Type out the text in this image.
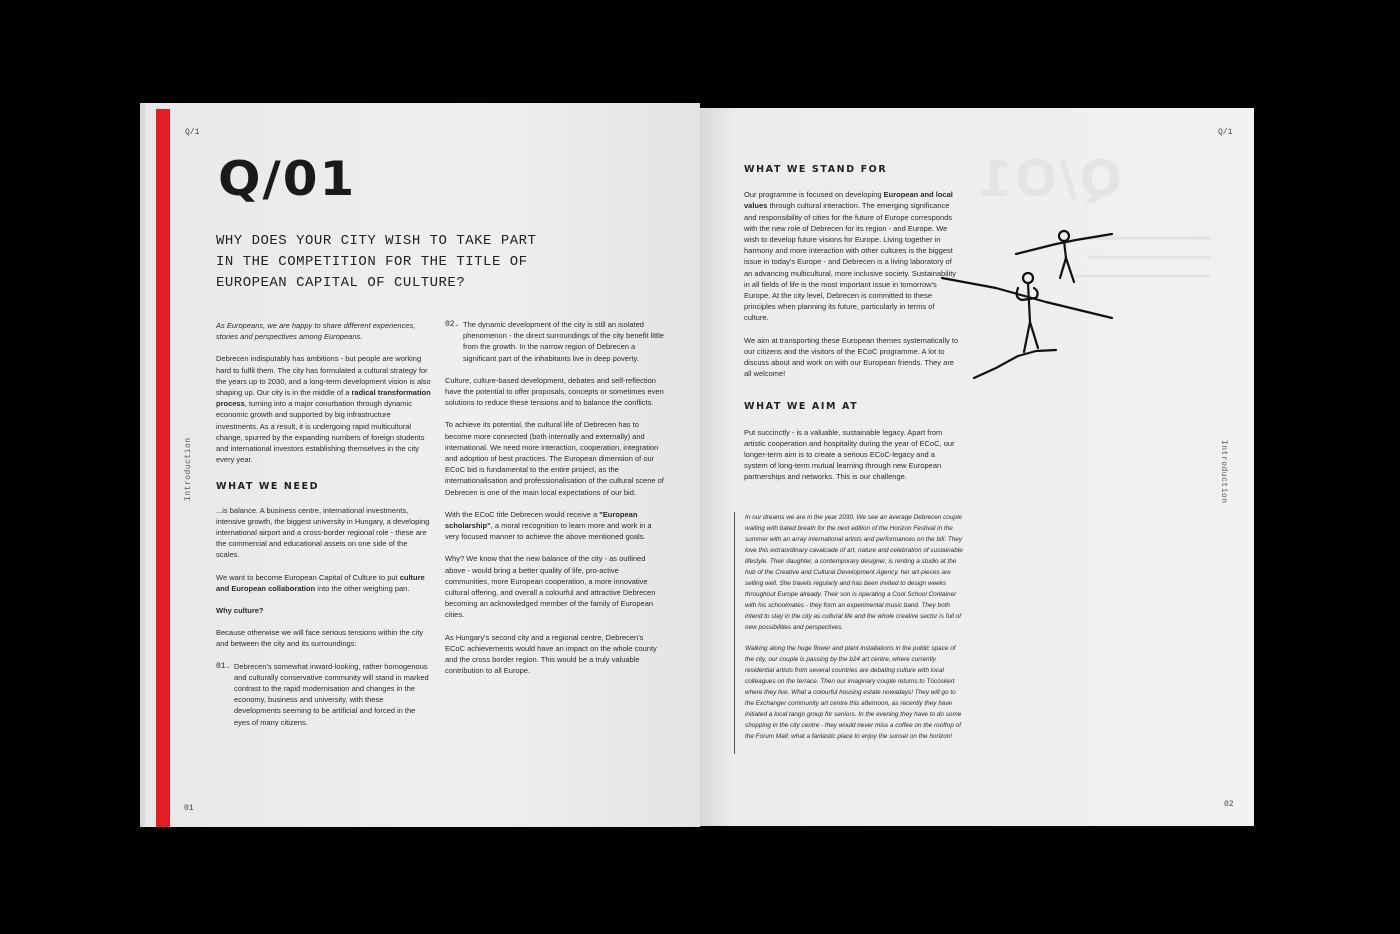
Q/1
Q/01
WHY DOES YOUR CITY WISH TO TAKE PART
IN THE COMPETITION FOR THE TITLE OF
EUROPEAN CAPITAL OF CULTURE?
Introduction

As Europeans, we are happy to share different experiences, stories and perspectives among Europeans.

Debrecen indisputably has ambitions - but people are working hard to fulfil them. The city has formulated a cultural strategy for the years up to 2030, and a long-term development vision is also shaping up. Our city is in the middle of a radical transformation process, turning into a major conurbation through dynamic economic growth and supported by big infrastructure investments. As a result, it is undergoing rapid multicultural change, spurred by the expanding numbers of foreign students and international investors establishing themselves in the city every year.

WHAT WE NEED

...is balance. A business centre, international investments, intensive growth, the biggest university in Hungary, a developing international airport and a cross-border regional role - these are the commercial and educational assets on one side of the scales.

We want to become European Capital of Culture to put culture and European collaboration into the other weighing pan.

Why culture?

Because otherwise we will face serious tensions within the city and between the city and its surroundings:

01. Debrecen's somewhat inward-looking, rather homogenous and culturally conservative community will stand in marked contrast to the rapid modernisation and changes in the economy, business and university, with these developments seeming to be artificial and forced in the eyes of many citizens.
02. The dynamic development of the city is still an isolated phenomenon - the direct surroundings of the city benefit little from the growth. In the narrow region of Debrecen a significant part of the inhabitants live in deep poverty.

Culture, culture-based development, debates and self-reflection have the potential to offer proposals, concepts or sometimes even solutions to reduce these tensions and to balance the conflicts.

To achieve its potential, the cultural life of Debrecen has to become more connected (both internally and externally) and international. We need more interaction, cooperation, integration and adoption of best practices. The European dimension of our ECoC bid is fundamental to the entire project, as the internationalisation and professionalisation of the cultural scene of Debrecen is one of the main local expectations of our bid.

With the ECoC title Debrecen would receive a "European scholarship", a moral recognition to learn more and work in a very focused manner to achieve the above mentioned goals.

Why? We know that the new balance of the city - as outlined above - would bring a better quality of life, pro-active communities, more European cooperation, a more innovative cultural offering, and overall a colourful and attractive Debrecen becoming an acknowledged member of the family of European cities.

As Hungary's second city and a regional centre, Debrecen's ECoC achievements would have an impact on the whole county and the cross border region. This would be a truly valuable contribution to all Europe.

01
Q/O1
▬▬▬▬▬▬▬▬▬▬▬▬▬▬▬▬▬▬
▬▬▬▬▬▬▬▬▬▬▬▬▬▬▬▬▬
▬▬▬▬▬▬▬▬▬▬▬▬▬▬▬▬▬▬▬
Q/1
WHAT WE STAND FOR

Our programme is focused on developing European and local values through cultural interaction. The emerging significance and responsibility of cities for the future of Europe corresponds with the new role of Debrecen for its region - and Europe. We wish to develop future visions for Europe. Living together in harmony and more interaction with other cultures is the biggest issue in today's Europe - and Debrecen is a living laboratory of an advancing multicultural, more inclusive society. Sustainability in all fields of life is the most important issue in tomorrow's Europe. At the city level, Debrecen is committed to these principles when planning its future, particularly in terms of culture.

We aim at transporting these European themes systematically to our citizens and the visitors of the ECoC programme. A lot to discuss about and work on with our European friends. They are all welcome!

WHAT WE AIM AT

Put succinctly - is a valuable, sustainable legacy. Apart from artistic cooperation and hospitality during the year of ECoC, our longer-term aim is to create a serious ECoC-legacy and a system of long-term mutual learning through new European partnerships and networks. This is our challenge.

In our dreams we are in the year 2030. We see an average Debrecen couple waiting with bated breath for the next edition of the Horizon Festival in the summer with an array international artists and performances on the bill. They love this extraordinary cavalcade of art, nature and celebration of sustainable lifestyle. Their daughter, a contemporary designer, is renting a studio at the hub of the Creative and Cultural Development Agency, her art-pieces are selling well. She travels regularly and has been invited to design weeks throughout Europe already. Their son is operating a Cool School Container with his schoolmates - they form an experimental music band. They both intend to stay in the city as cultural life and the whole creative sector is full of new possibilities and perspectives.

Walking along the huge flower and plant installations in the public space of the city, our couple is passing by the b24 art centre, where currently residential artists from several countries are debating culture with local colleagues on the terrace. Then our imaginary couple returns to Tócóskert where they live. What a colourful housing estate nowadays! They will go to the Exchanger community art centre this afternoon, as recently they have initiated a local tango group for seniors. In the evening they have to do some shopping in the city centre - they would never miss a coffee on the rooftop of the Forum Mall: what a fantastic place to enjoy the sunset on the horizon!

Introduction
02
